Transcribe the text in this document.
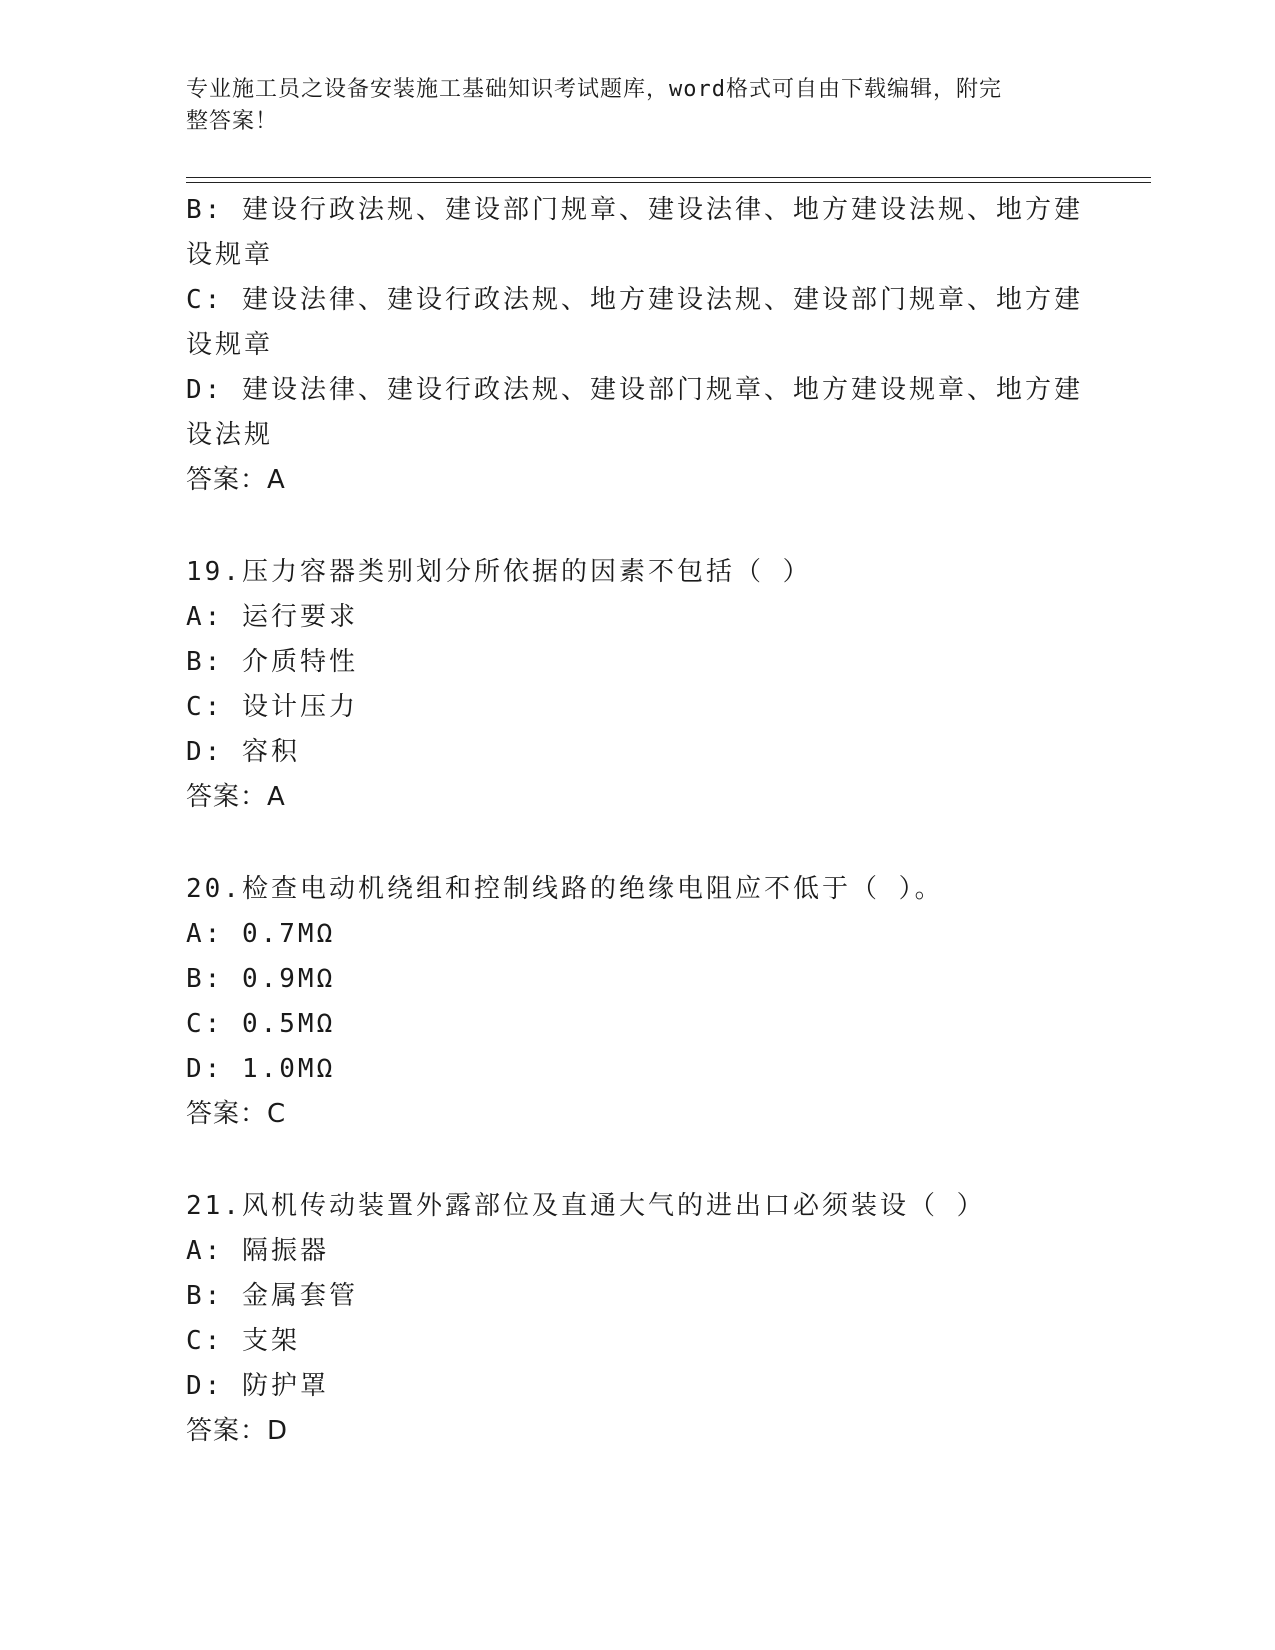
专业施工员之设备安装施工基础知识考试题库，word格式可自由下载编辑，附完
整答案！
B: 建设行政法规、建设部门规章、建设法律、地方建设法规、地方建
设规章
C: 建设法律、建设行政法规、地方建设法规、建设部门规章、地方建
设规章
D: 建设法律、建设行政法规、建设部门规章、地方建设规章、地方建
设法规
答案：A
19.压力容器类别划分所依据的因素不包括（ ）
A: 运行要求
B: 介质特性
C: 设计压力
D: 容积
答案：A
20.检查电动机绕组和控制线路的绝缘电阻应不低于（ ）。
A: 0.7MΩ
B: 0.9MΩ
C: 0.5MΩ
D: 1.0MΩ
答案：C
21.风机传动装置外露部位及直通大气的进出口必须装设（ ）
A: 隔振器
B: 金属套管
C: 支架
D: 防护罩
答案：D
